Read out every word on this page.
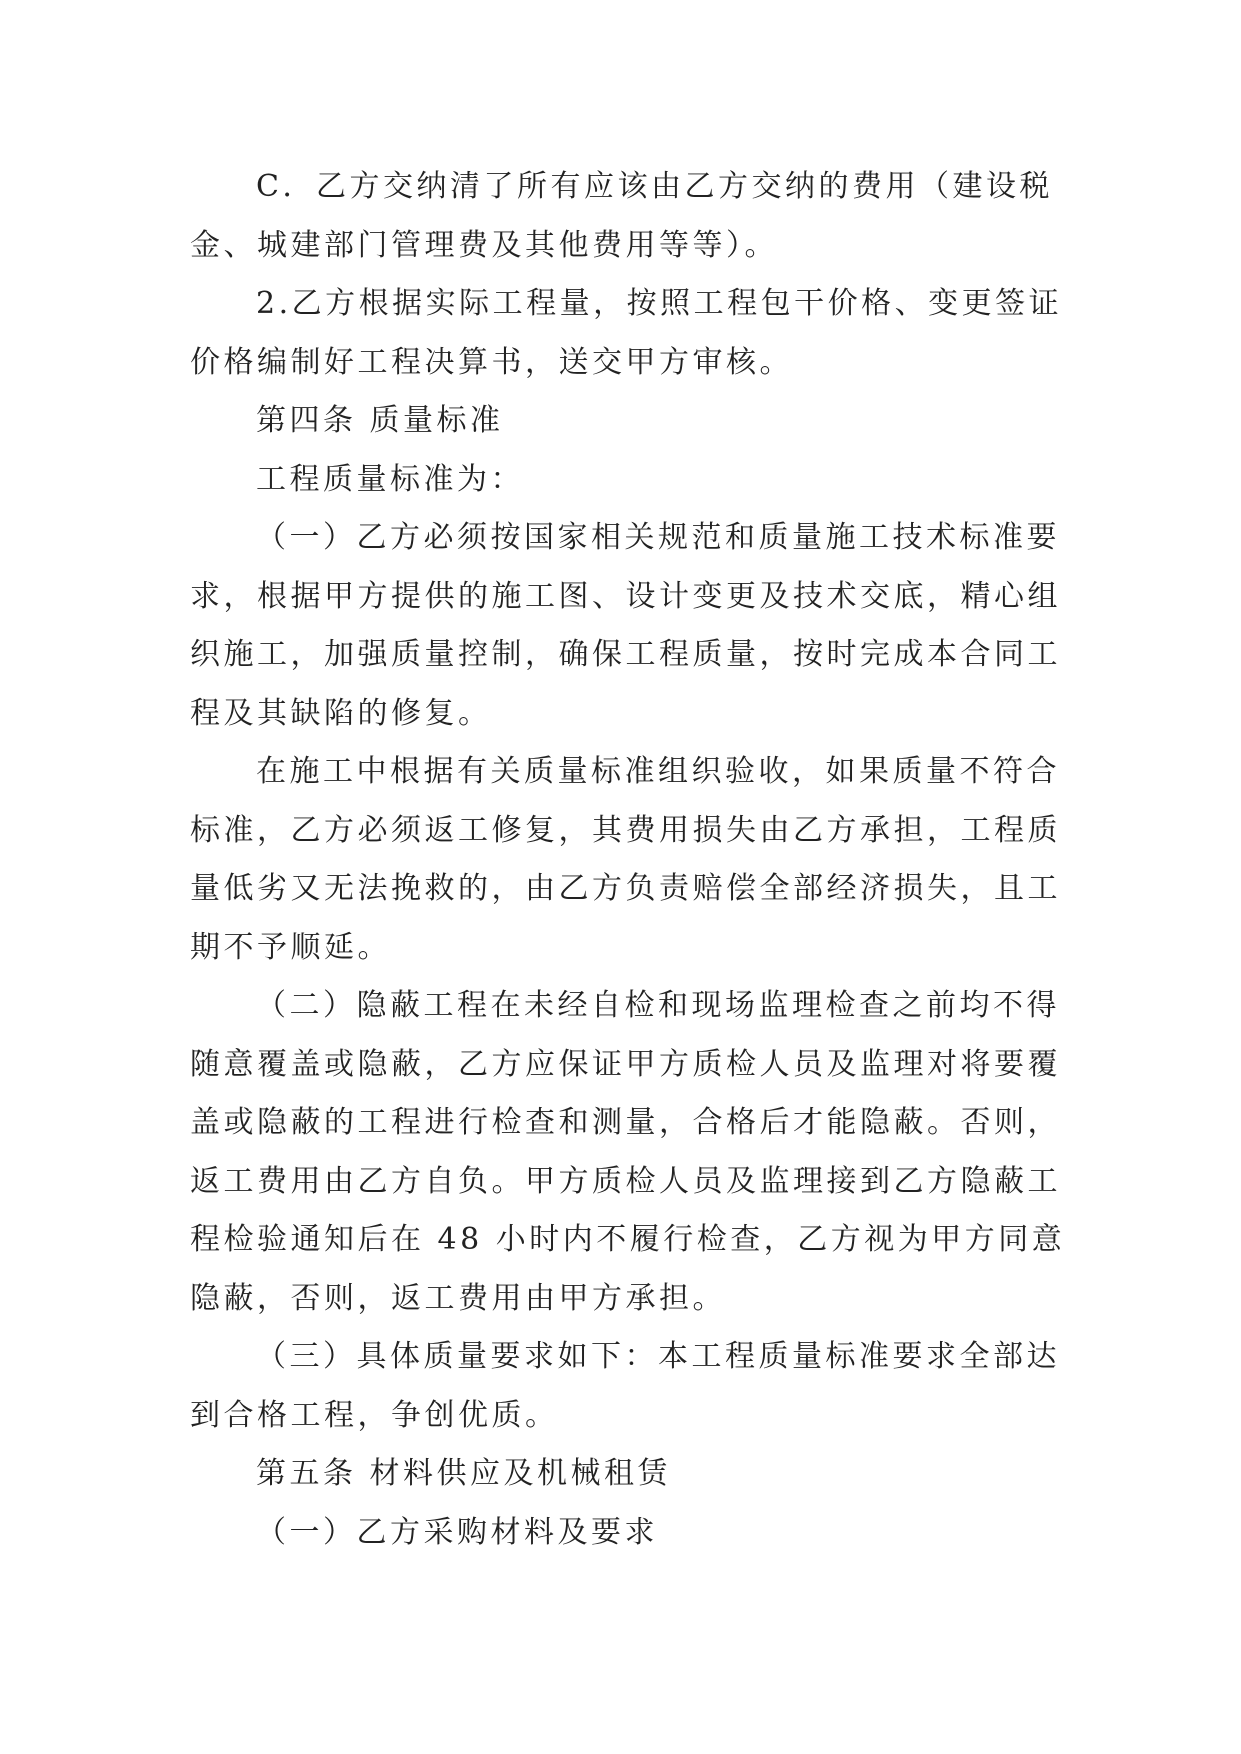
C．乙方交纳清了所有应该由乙方交纳的费用（建设税
金、城建部门管理费及其他费用等等）。

2.乙方根据实际工程量，按照工程包干价格、变更签证
价格编制好工程决算书，送交甲方审核。

第四条 质量标准

工程质量标准为：

（一）乙方必须按国家相关规范和质量施工技术标准要
求，根据甲方提供的施工图、设计变更及技术交底，精心组
织施工，加强质量控制，确保工程质量，按时完成本合同工
程及其缺陷的修复。

在施工中根据有关质量标准组织验收，如果质量不符合
标准，乙方必须返工修复，其费用损失由乙方承担，工程质
量低劣又无法挽救的，由乙方负责赔偿全部经济损失，且工
期不予顺延。

（二）隐蔽工程在未经自检和现场监理检查之前均不得
随意覆盖或隐蔽，乙方应保证甲方质检人员及监理对将要覆
盖或隐蔽的工程进行检查和测量，合格后才能隐蔽。否则，
返工费用由乙方自负。甲方质检人员及监理接到乙方隐蔽工
程检验通知后在 48 小时内不履行检查，乙方视为甲方同意
隐蔽，否则，返工费用由甲方承担。

（三）具体质量要求如下：本工程质量标准要求全部达
到合格工程，争创优质。

第五条 材料供应及机械租赁

（一）乙方采购材料及要求
